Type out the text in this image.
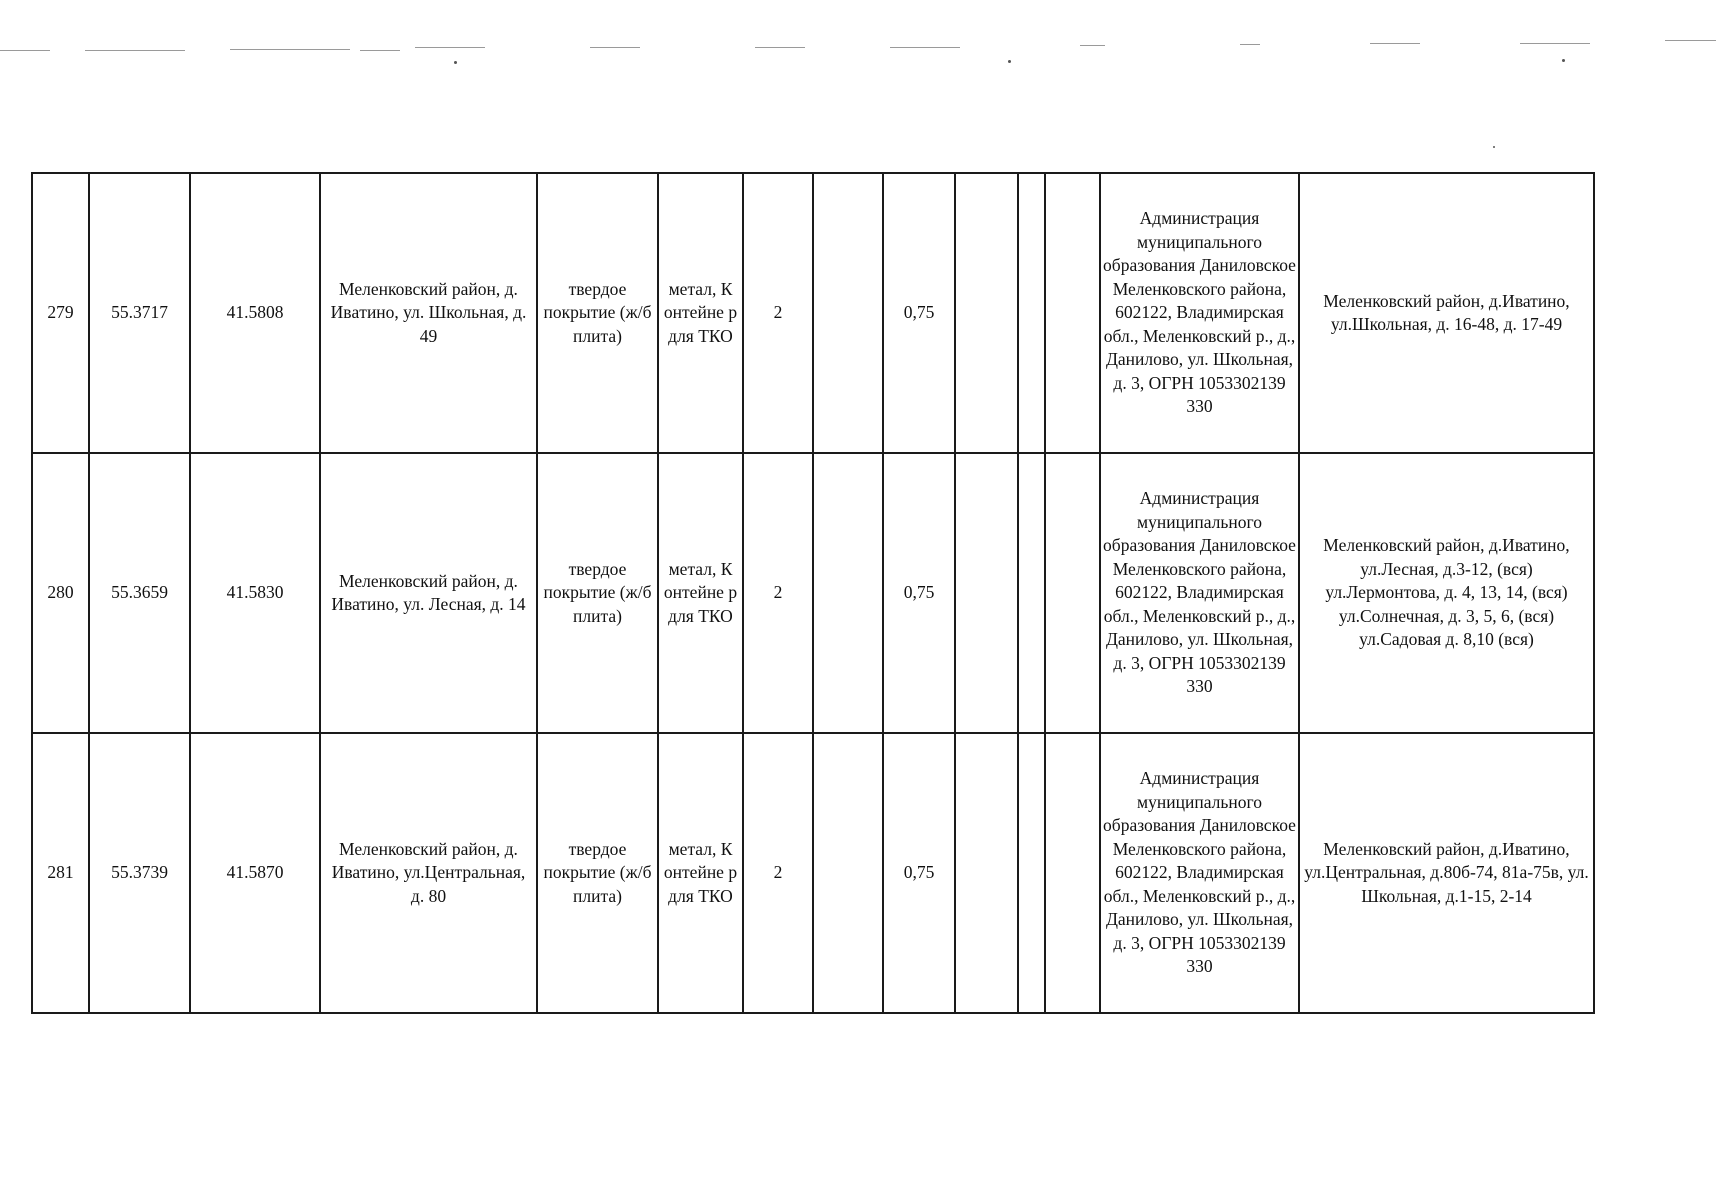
279	55.3717	41.5808	Меленковский район, д. Ивaтино, ул. Школьная, д. 49	твердое покрытие (ж/б плита)	метал, К онтейне р для ТКО	2		0,75				Администрация муниципального образования Даниловское Меленковского района, 602122, Владимирская обл., Меленковский р., д., Данилово, ул. Школьная, д. 3, ОГРН 1053302139 330	Меленковский район, д.Иватино, ул.Школьная, д. 16-48, д. 17-49
280	55.3659	41.5830	Меленковский район, д. Иватино, ул. Лесная, д. 14	твердое покрытие (ж/б плита)	метал, К онтейне р для ТКО	2		0,75				Администрация муниципального образования Даниловское Меленковского района, 602122, Владимирская обл., Меленковский р., д., Данилово, ул. Школьная, д. 3, ОГРН 1053302139 330	Меленковский район, д.Иватино, ул.Лесная, д.3-12, (вся) ул.Лермонтова, д. 4, 13, 14, (вся) ул.Солнечная, д. 3, 5, 6, (вся) ул.Садовая д. 8,10 (вся)
281	55.3739	41.5870	Меленковский район, д. Иватино, ул.Центральная, д. 80	твердое покрытие (ж/б плита)	метал, К онтейне р для ТКО	2		0,75				Администрация муниципального образования Даниловское Меленковского района, 602122, Владимирская обл., Меленковский р., д., Данилово, ул. Школьная, д. 3, ОГРН 1053302139 330	Меленковский район, д.Иватино, ул.Центральная, д.80б-74, 81а-75в, ул. Школьная, д.1-15, 2-14
